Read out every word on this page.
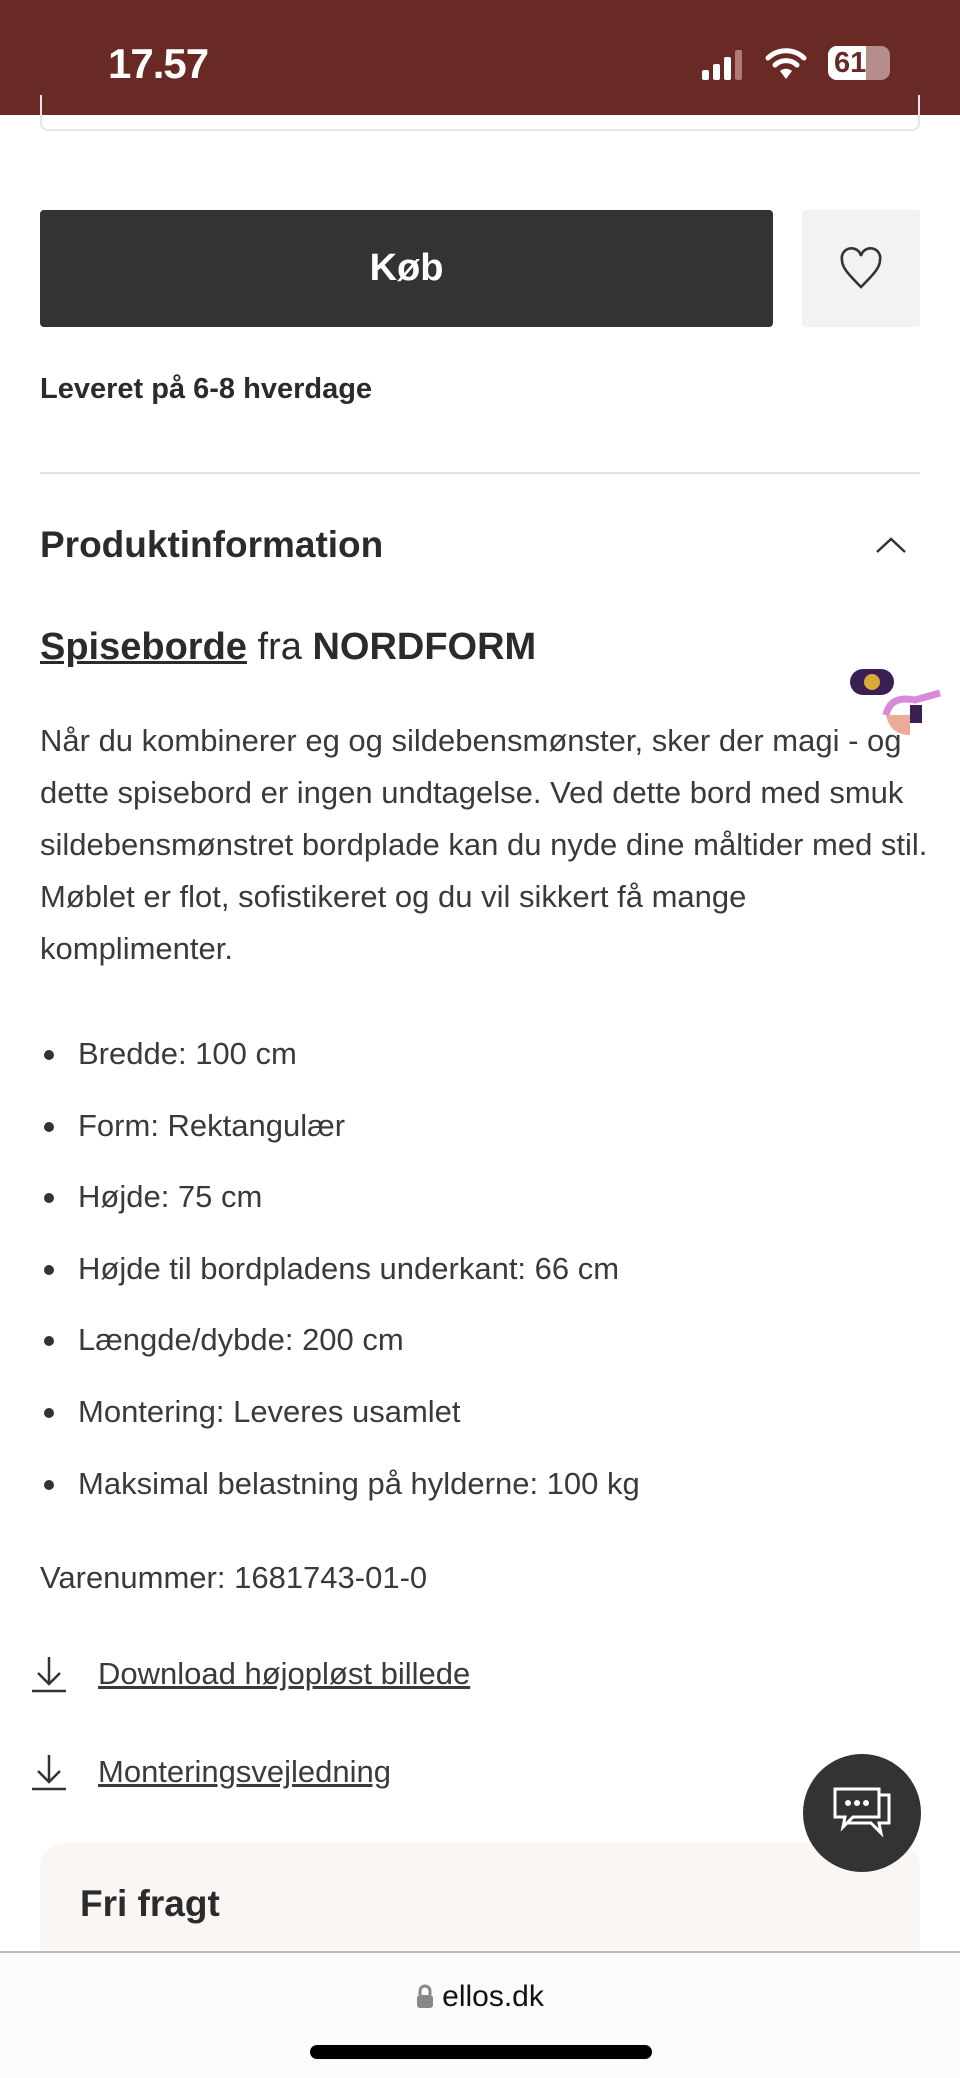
17.57	61
Køb
Leveret på 6-8 hverdage
Produktinformation
Spiseborde fra NORDFORM
Når du kombinerer eg og sildebensmønster, sker der magi - og dette spisebord er ingen undtagelse. Ved dette bord med smuk sildebensmønstret bordplade kan du nyde dine måltider med stil. Møblet er flot, sofistikeret og du vil sikkert få mange komplimenter.
Bredde: 100 cm
Form: Rektangulær
Højde: 75 cm
Højde til bordpladens underkant: 66 cm
Længde/dybde: 200 cm
Montering: Leveres usamlet
Maksimal belastning på hylderne: 100 kg
Varenummer: 1681743-01-0
Download højopløst billede
Monteringsvejledning
Fri fragt
ellos.dk
